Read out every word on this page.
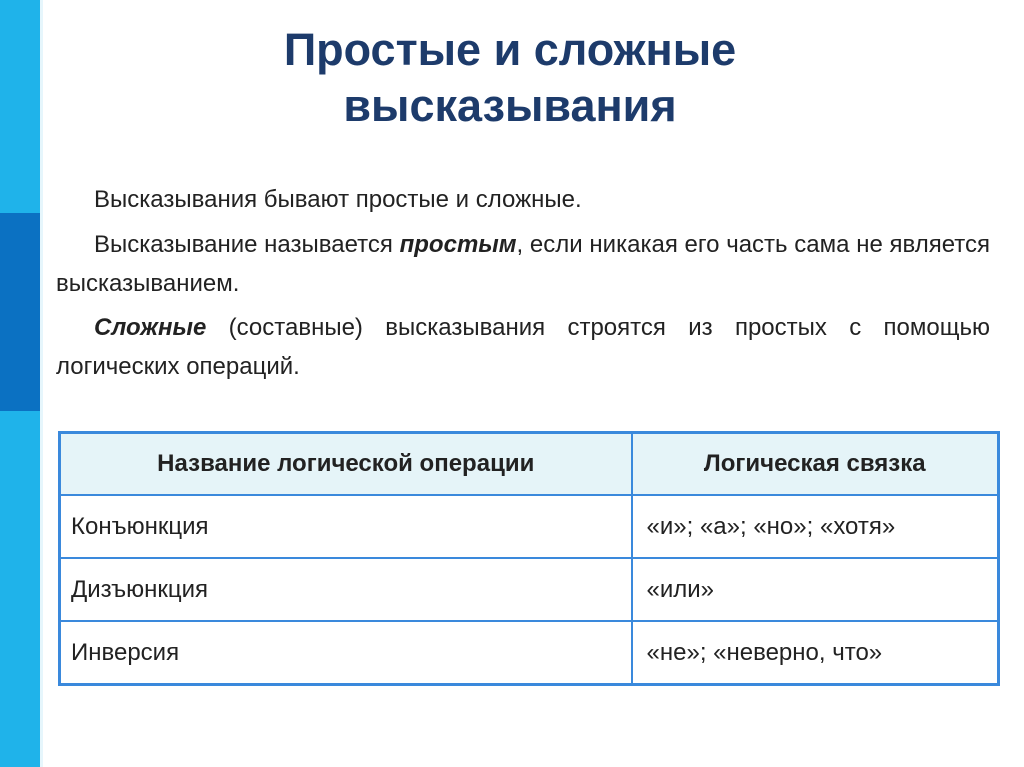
Простые и сложные
высказывания

Высказывания бывают простые и сложные.

Высказывание называется простым, если никакая его часть сама не является высказыванием.

Сложные (составные) высказывания строятся из простых с помощью логических операций.

Название логической операции	Логическая связка
Конъюнкция	«и»; «а»; «но»; «хотя»
Дизъюнкция	«или»
Инверсия	«не»; «неверно, что»
